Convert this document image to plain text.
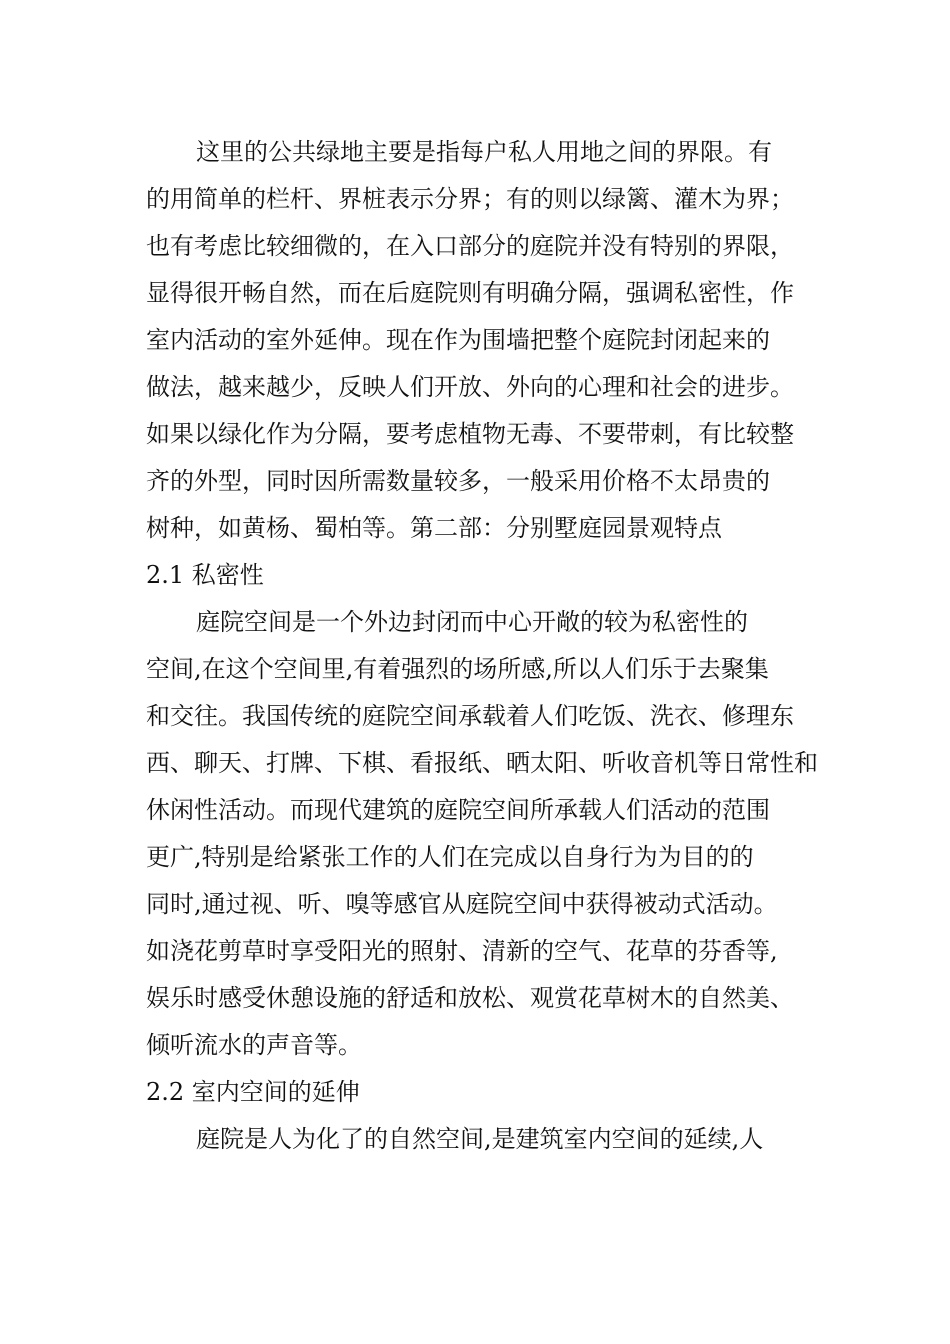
这里的公共绿地主要是指每户私人用地之间的界限。有
的用简单的栏杆、界桩表示分界；有的则以绿篱、灌木为界；
也有考虑比较细微的，在入口部分的庭院并没有特别的界限，
显得很开畅自然，而在后庭院则有明确分隔，强调私密性，作
室内活动的室外延伸。现在作为围墙把整个庭院封闭起来的
做法，越来越少，反映人们开放、外向的心理和社会的进步。
如果以绿化作为分隔，要考虑植物无毒、不要带刺，有比较整
齐的外型，同时因所需数量较多，一般采用价格不太昂贵的
树种，如黄杨、蜀柏等。第二部：分别墅庭园景观特点
2.1 私密性
庭院空间是一个外边封闭而中心开敞的较为私密性的
空间,在这个空间里,有着强烈的场所感,所以人们乐于去聚集
和交往。我国传统的庭院空间承载着人们吃饭、洗衣、修理东
西、聊天、打牌、下棋、看报纸、晒太阳、听收音机等日常性和
休闲性活动。而现代建筑的庭院空间所承载人们活动的范围
更广,特别是给紧张工作的人们在完成以自身行为为目的的
同时,通过视、听、嗅等感官从庭院空间中获得被动式活动。
如浇花剪草时享受阳光的照射、清新的空气、花草的芬香等,
娱乐时感受休憩设施的舒适和放松、观赏花草树木的自然美、
倾听流水的声音等。
2.2 室内空间的延伸
庭院是人为化了的自然空间,是建筑室内空间的延续,人
